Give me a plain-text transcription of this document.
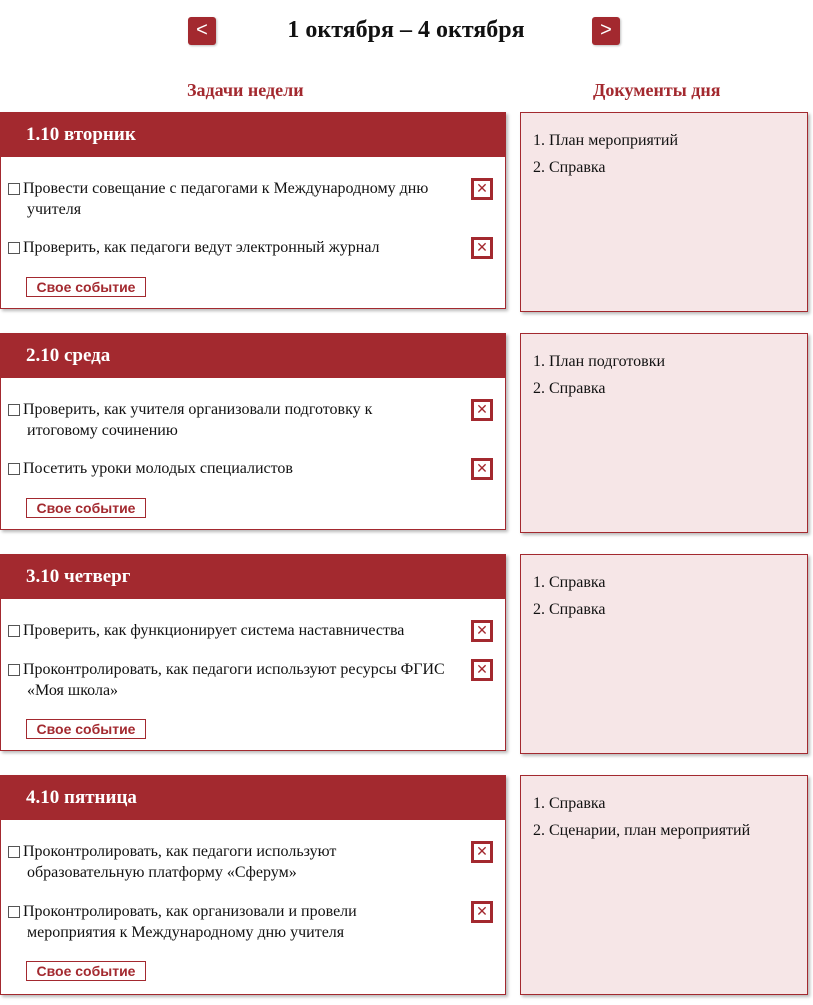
<	1 октября – 4 октября	>
Задачи недели	Документы дня
1.10 вторник
Провести совещание с педагогами к Международному дню учителя
✕
Проверить, как педагоги ведут электронный журнал	✕
Свое событие
1. План мероприятий
2. Справка
2.10 среда
Проверить, как учителя организовали подготовку к итоговому сочинению
✕
Посетить уроки молодых специалистов	✕
Свое событие
1. План подготовки
2. Справка
3.10 четверг
Проверить, как функционирует система наставничества	✕
Проконтролировать, как педагоги используют ресурсы ФГИС «Моя школа»
✕
Свое событие
1. Справка
2. Справка
4.10 пятница
Проконтролировать, как педагоги используют образовательную платформу «Сферум»
✕
Проконтролировать, как организовали и провели мероприятия к Международному дню учителя
✕
Свое событие
1. Справка
2. Сценарии, план мероприятий
